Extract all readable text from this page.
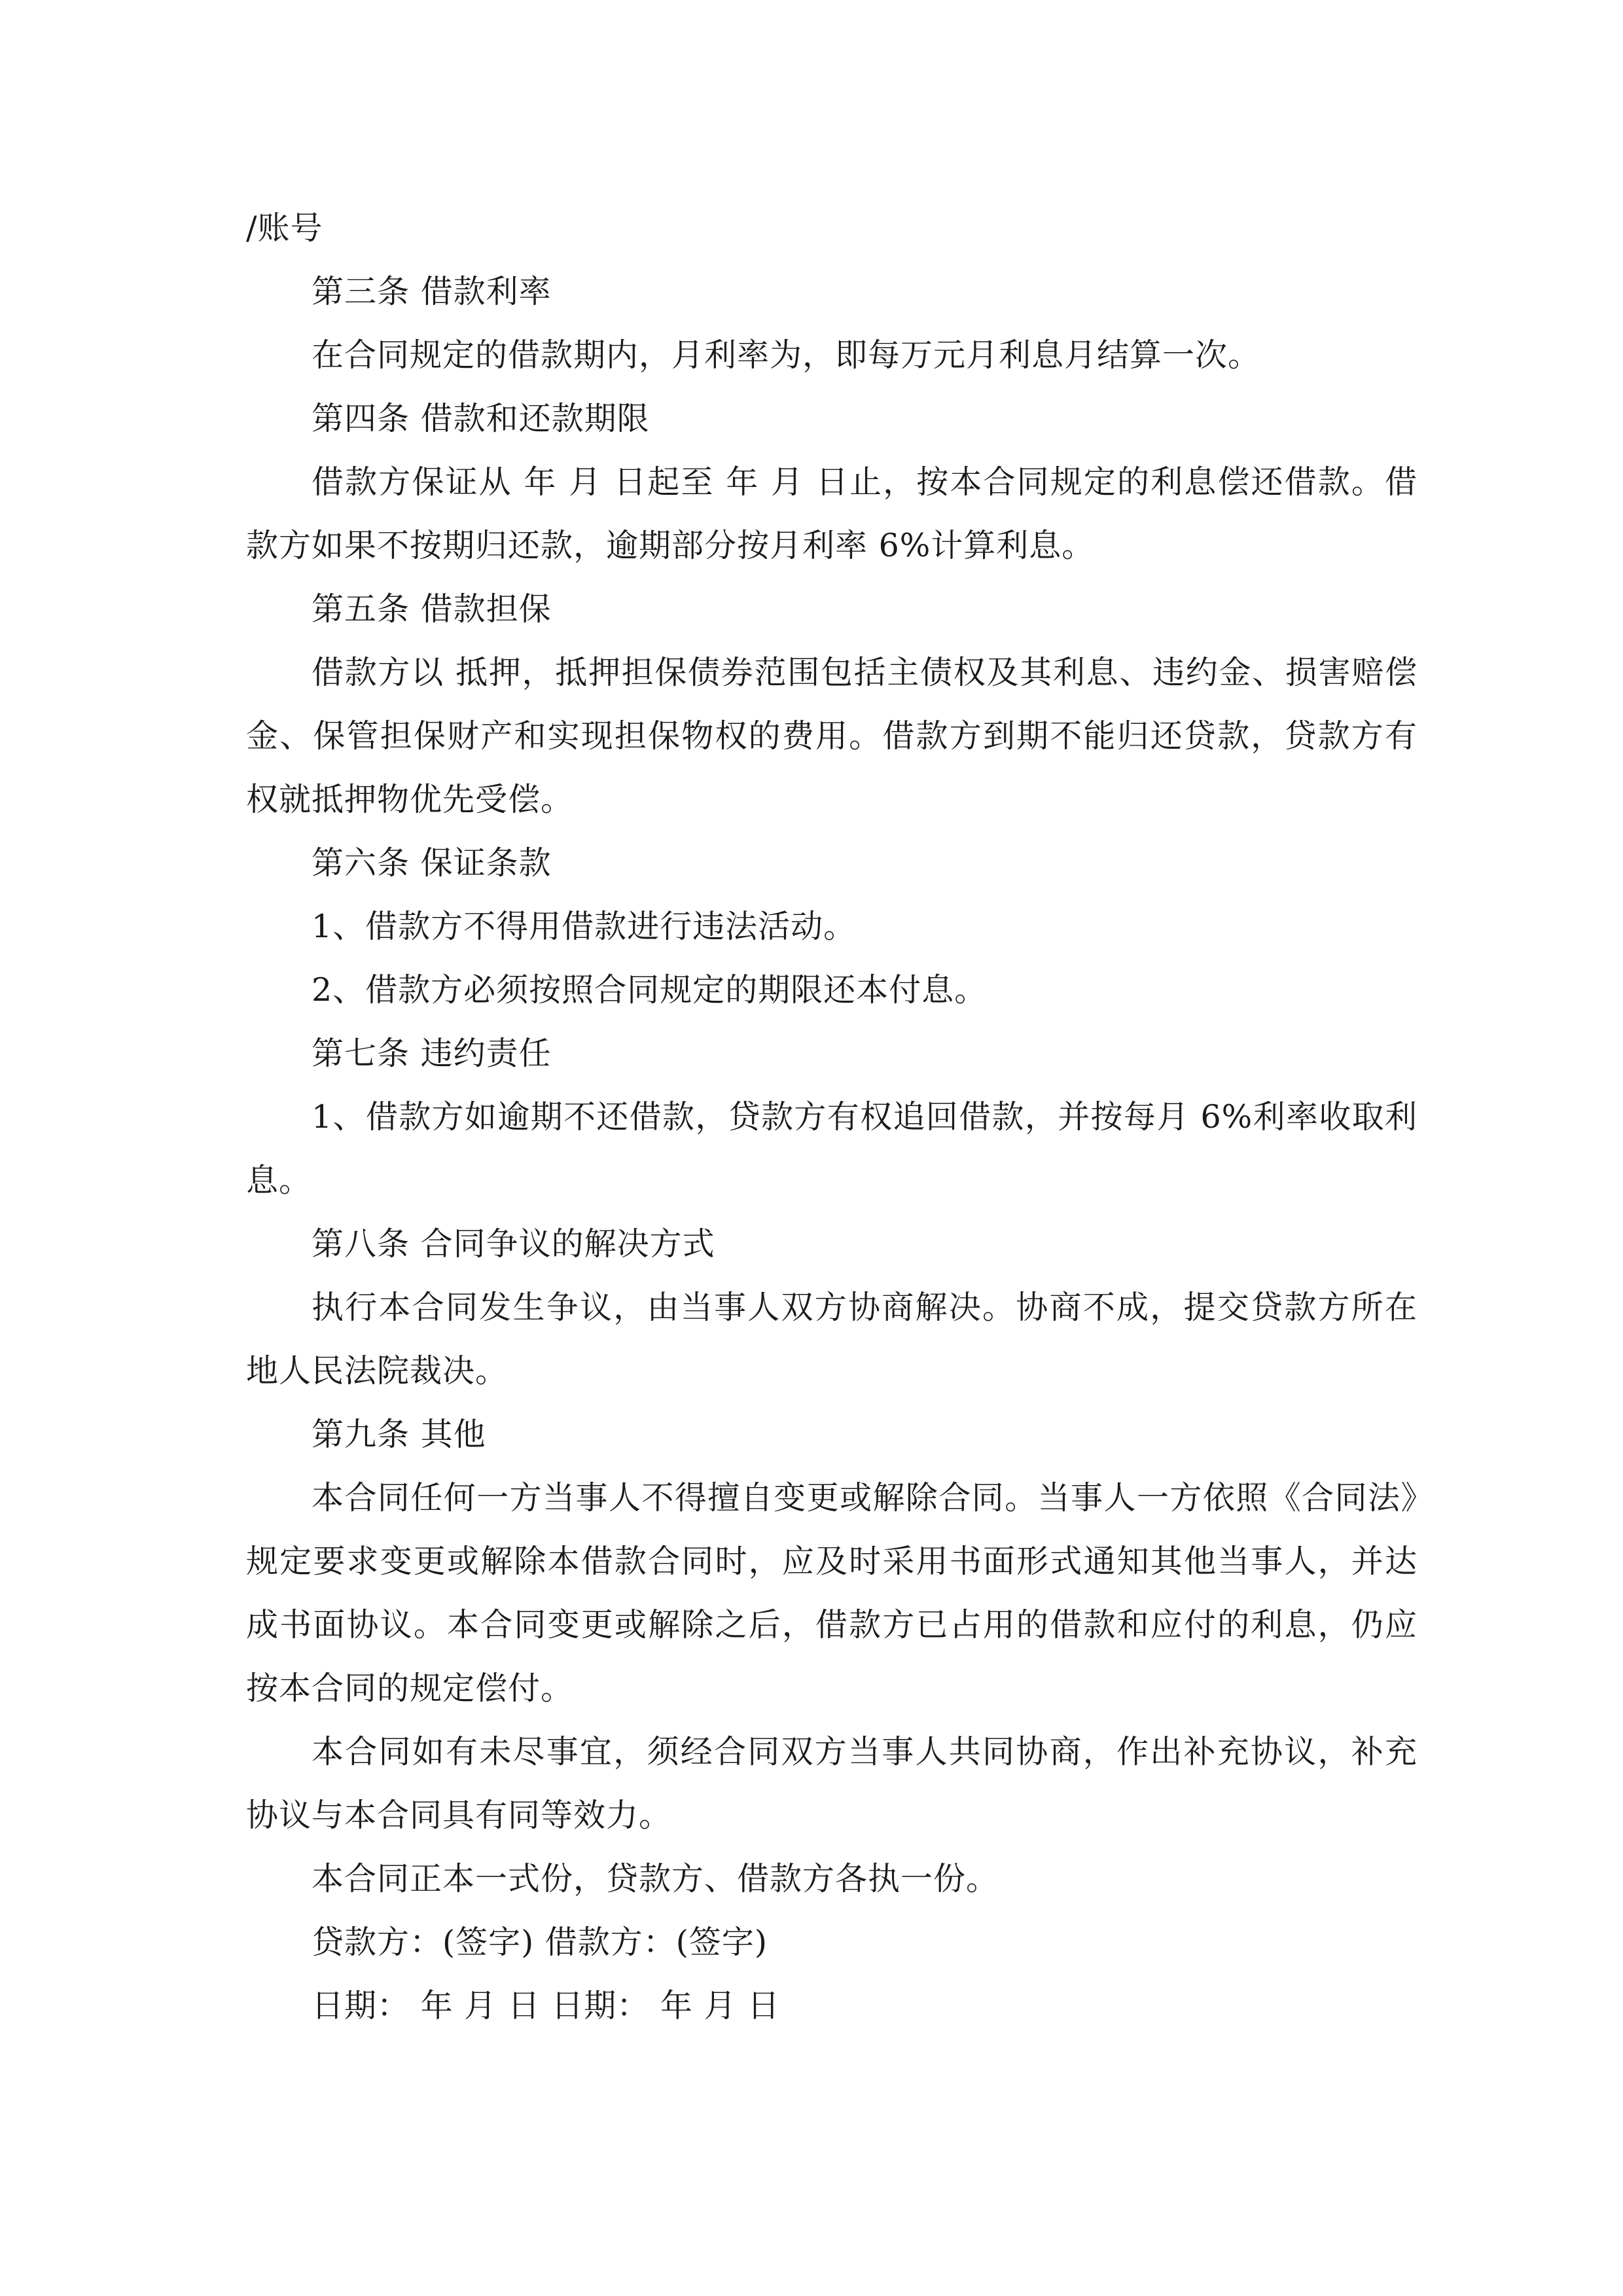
/账号

第三条 借款利率

在合同规定的借款期内，月利率为，即每万元月利息月结算一次。

第四条 借款和还款期限

借款方保证从 年 月 日起至 年 月 日止，按本合同规定的利息偿还借款。借款方如果不按期归还款，逾期部分按月利率 6%计算利息。

第五条 借款担保

借款方以 抵押，抵押担保债券范围包括主债权及其利息、违约金、损害赔偿金、保管担保财产和实现担保物权的费用。借款方到期不能归还贷款，贷款方有权就抵押物优先受偿。

第六条 保证条款

1、借款方不得用借款进行违法活动。

2、借款方必须按照合同规定的期限还本付息。

第七条 违约责任

1、借款方如逾期不还借款，贷款方有权追回借款，并按每月 6%利率收取利息。

第八条 合同争议的解决方式

执行本合同发生争议，由当事人双方协商解决。协商不成，提交贷款方所在地人民法院裁决。

第九条 其他

本合同任何一方当事人不得擅自变更或解除合同。当事人一方依照《合同法》规定要求变更或解除本借款合同时，应及时采用书面形式通知其他当事人，并达成书面协议。本合同变更或解除之后，借款方已占用的借款和应付的利息，仍应按本合同的规定偿付。

本合同如有未尽事宜，须经合同双方当事人共同协商，作出补充协议，补充协议与本合同具有同等效力。

本合同正本一式份，贷款方、借款方各执一份。

贷款方：(签字) 借款方：(签字)

日期： 年 月 日 日期： 年 月 日
